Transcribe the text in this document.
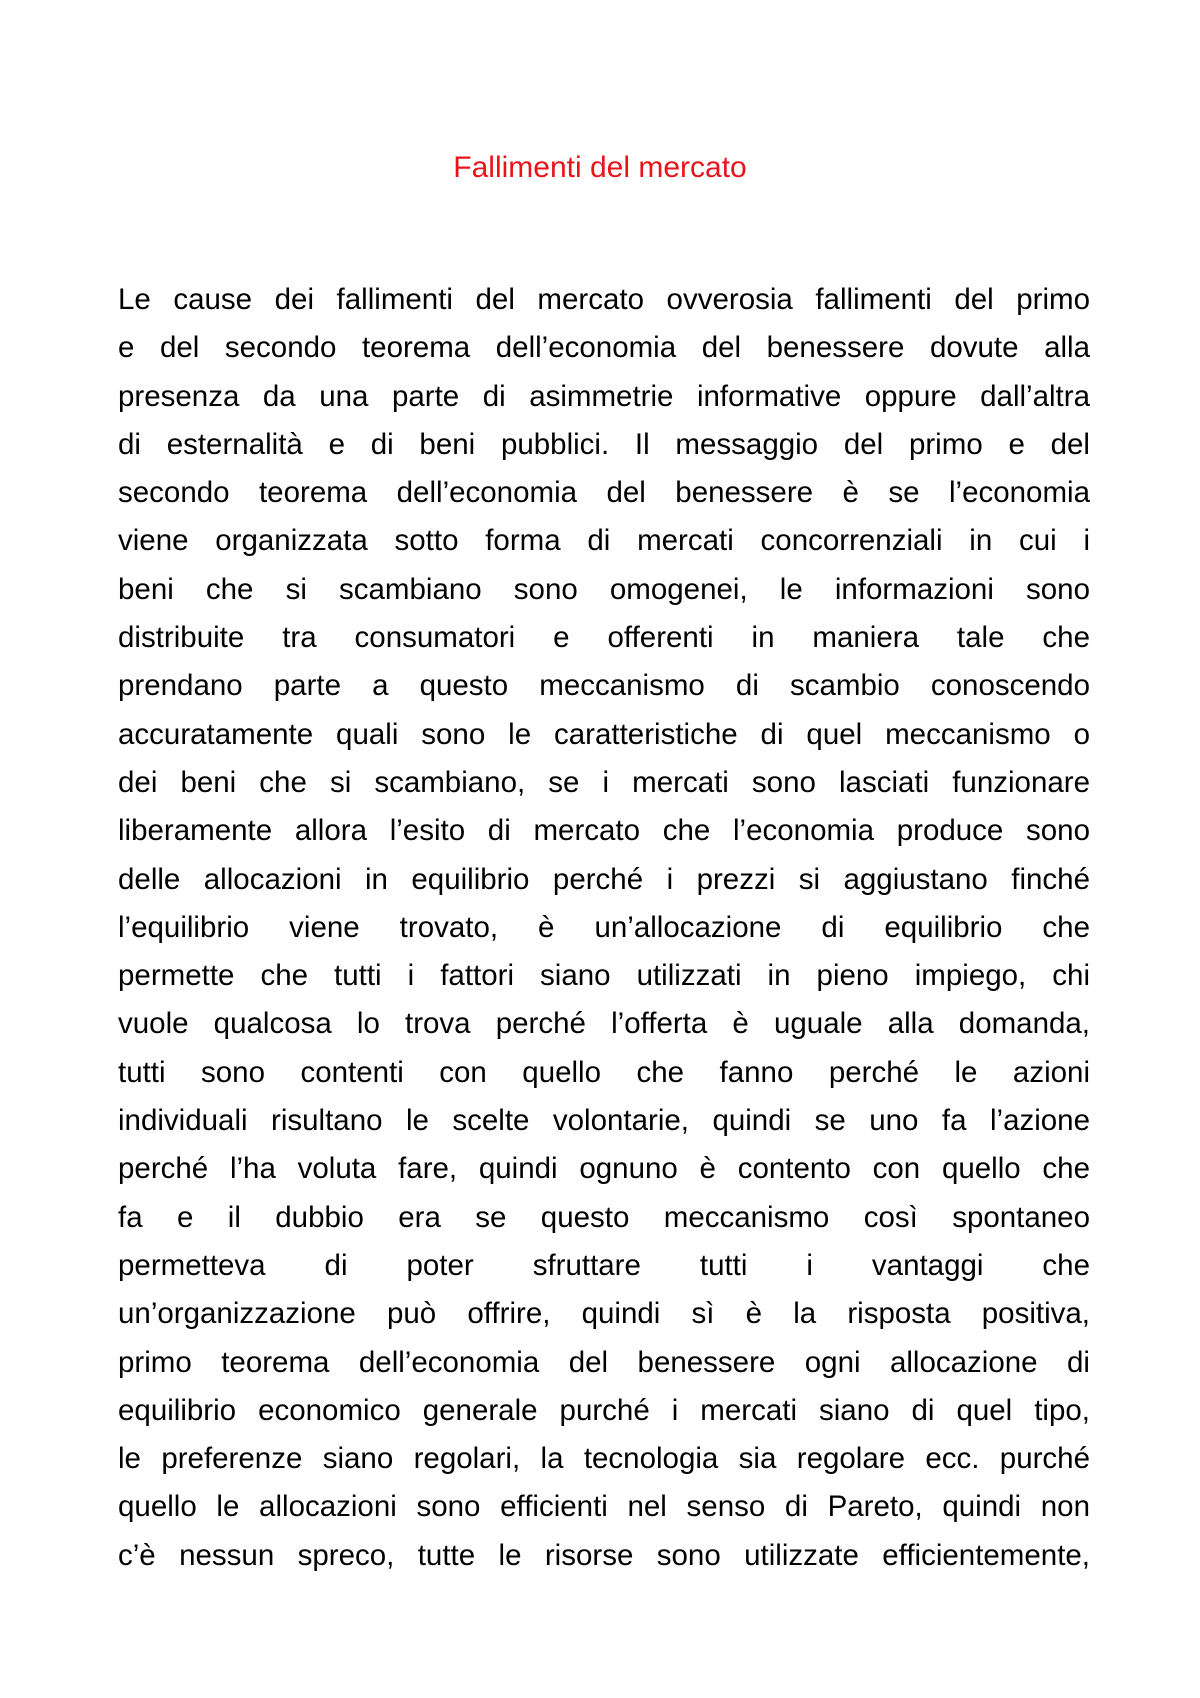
Fallimenti del mercato
Le cause dei fallimenti del mercato ovverosia fallimenti del primo
e del secondo teorema dell’economia del benessere dovute alla
presenza da una parte di asimmetrie informative oppure dall’altra
di esternalità e di beni pubblici. Il messaggio del primo e del
secondo teorema dell’economia del benessere è se l’economia
viene organizzata sotto forma di mercati concorrenziali in cui i
beni che si scambiano sono omogenei, le informazioni sono
distribuite tra consumatori e offerenti in maniera tale che
prendano parte a questo meccanismo di scambio conoscendo
accuratamente quali sono le caratteristiche di quel meccanismo o
dei beni che si scambiano, se i mercati sono lasciati funzionare
liberamente allora l’esito di mercato che l’economia produce sono
delle allocazioni in equilibrio perché i prezzi si aggiustano finché
l’equilibrio viene trovato, è un’allocazione di equilibrio che
permette che tutti i fattori siano utilizzati in pieno impiego, chi
vuole qualcosa lo trova perché l’offerta è uguale alla domanda,
tutti sono contenti con quello che fanno perché le azioni
individuali risultano le scelte volontarie, quindi se uno fa l’azione
perché l’ha voluta fare, quindi ognuno è contento con quello che
fa e il dubbio era se questo meccanismo così spontaneo
permetteva di poter sfruttare tutti i vantaggi che
un’organizzazione può offrire, quindi sì è la risposta positiva,
primo teorema dell’economia del benessere ogni allocazione di
equilibrio economico generale purché i mercati siano di quel tipo,
le preferenze siano regolari, la tecnologia sia regolare ecc. purché
quello le allocazioni sono efficienti nel senso di Pareto, quindi non
c’è nessun spreco, tutte le risorse sono utilizzate efficientemente,
